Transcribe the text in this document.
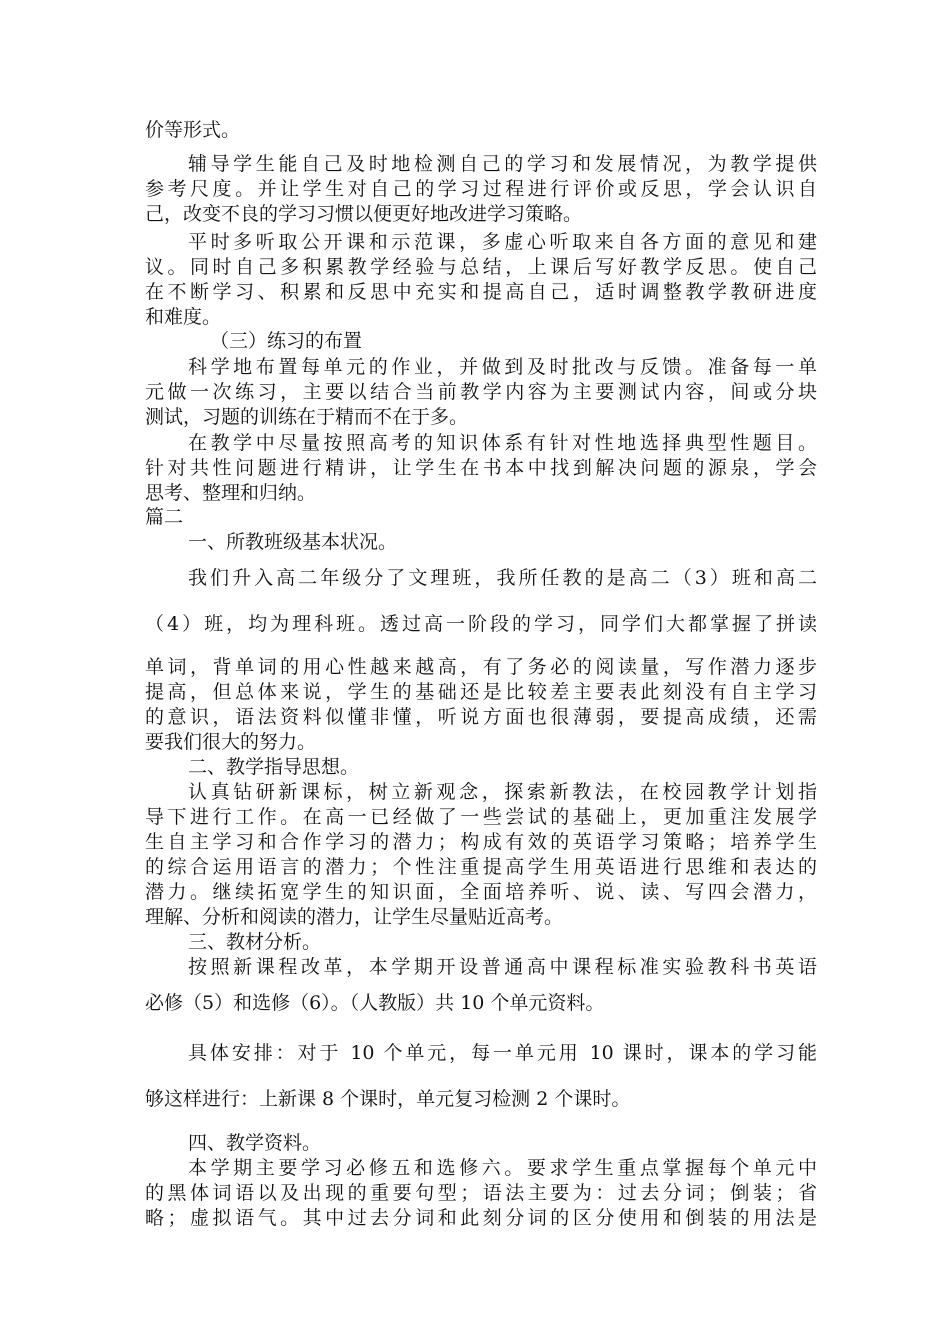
价等形式。
辅导学生能自己及时地检测自己的学习和发展情况，为教学提供
参考尺度。并让学生对自己的学习过程进行评价或反思，学会认识自
己，改变不良的学习习惯以便更好地改进学习策略。
平时多听取公开课和示范课，多虚心听取来自各方面的意见和建
议。同时自己多积累教学经验与总结，上课后写好教学反思。使自己
在不断学习、积累和反思中充实和提高自己，适时调整教学教研进度
和难度。
（三）练习的布置
科学地布置每单元的作业，并做到及时批改与反馈。准备每一单
元做一次练习，主要以结合当前教学内容为主要测试内容，间或分块
测试，习题的训练在于精而不在于多。
在教学中尽量按照高考的知识体系有针对性地选择典型性题目。
针对共性问题进行精讲，让学生在书本中找到解决问题的源泉，学会
思考、整理和归纳。
篇二
一、所教班级基本状况。
我们升入高二年级分了文理班，我所任教的是高二（3）班和高二
（4）班，均为理科班。透过高一阶段的学习，同学们大都掌握了拼读
单词，背单词的用心性越来越高，有了务必的阅读量，写作潜力逐步
提高，但总体来说，学生的基础还是比较差主要表此刻没有自主学习
的意识，语法资料似懂非懂，听说方面也很薄弱，要提高成绩，还需
要我们很大的努力。
二、教学指导思想。
认真钻研新课标，树立新观念，探索新教法，在校园教学计划指
导下进行工作。在高一已经做了一些尝试的基础上，更加重注发展学
生自主学习和合作学习的潜力；构成有效的英语学习策略；培养学生
的综合运用语言的潜力；个性注重提高学生用英语进行思维和表达的
潜力。继续拓宽学生的知识面，全面培养听、说、读、写四会潜力，
理解、分析和阅读的潜力，让学生尽量贴近高考。
三、教材分析。
按照新课程改革，本学期开设普通高中课程标准实验教科书英语
必修（5）和选修（6）。（人教版）共 10 个单元资料。
具体安排：对于 10 个单元，每一单元用 10 课时，课本的学习能
够这样进行：上新课 8 个课时，单元复习检测 2 个课时。
四、教学资料。
本学期主要学习必修五和选修六。要求学生重点掌握每个单元中
的黑体词语以及出现的重要句型；语法主要为：过去分词；倒装；省
略；虚拟语气。其中过去分词和此刻分词的区分使用和倒装的用法是
